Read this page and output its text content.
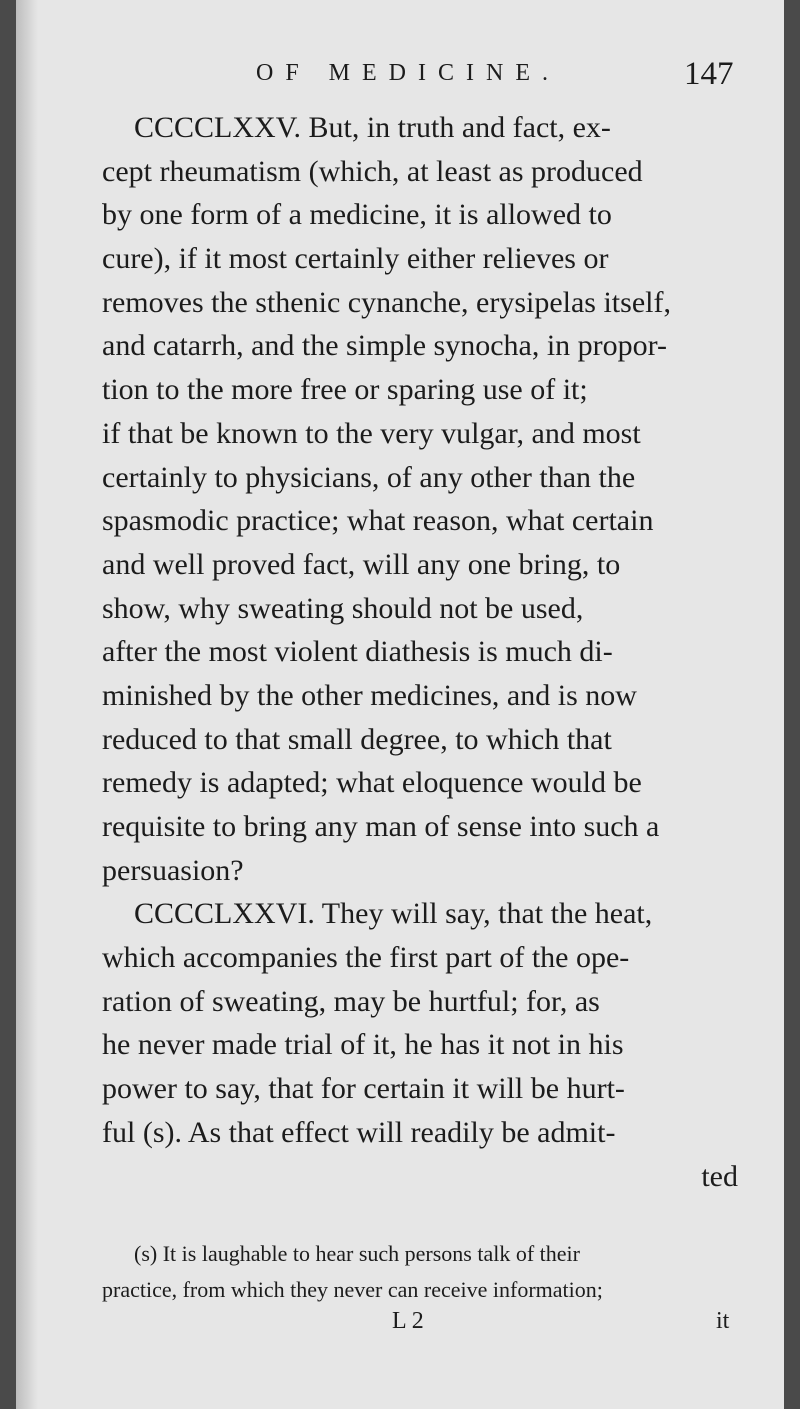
OF MEDICINE.	147
CCCCLXXV. But, in truth and fact, ex-
cept rheumatism (which, at least as produced
by one form of a medicine, it is allowed to
cure), if it most certainly either relieves or
removes the sthenic cynanche, erysipelas itself,
and catarrh, and the simple synocha, in propor-
tion to the more free or sparing use of it;
if that be known to the very vulgar, and most
certainly to physicians, of any other than the
spasmodic practice; what reason, what certain
and well proved fact, will any one bring, to
show, why sweating should not be used,
after the most violent diathesis is much di-
minished by the other medicines, and is now
reduced to that small degree, to which that
remedy is adapted; what eloquence would be
requisite to bring any man of sense into such a
persuasion?
CCCCLXXVI. They will say, that the heat,
which accompanies the first part of the ope-
ration of sweating, may be hurtful; for, as
he never made trial of it, he has it not in his
power to say, that for certain it will be hurt-
ful (s). As that effect will readily be admit-
ted
(s) It is laughable to hear such persons talk of their
practice, from which they never can receive information;
L 2	it
